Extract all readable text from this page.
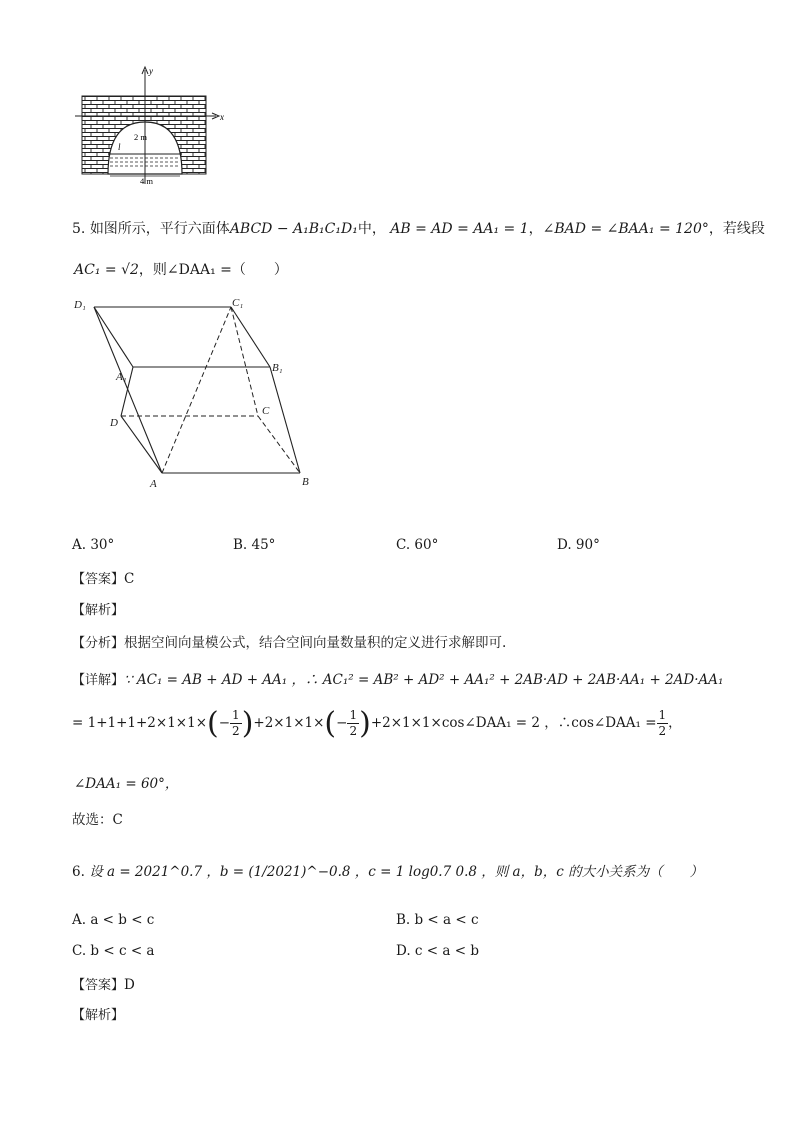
y
x
2 m
4 m
l
5. 如图所示，平行六面体ABCD − A₁B₁C₁D₁中， AB = AD = AA₁ = 1，∠BAD = ∠BAA₁ = 120°，若线段
AC₁ = √2，则∠DAA₁ =（　　）
D₁	C₁
A₁
B₁
D
C
A	B
A. 30°	B. 45°	C. 60°	D. 90°
【答案】C
【解析】
【分析】根据空间向量模公式，结合空间向量数量积的定义进行求解即可.
【详解】∵ AC₁ = AB + AD + AA₁ ，∴ AC₁² = AB² + AD² + AA₁² + 2AB·AD + 2AB·AA₁ + 2AD·AA₁
= $1+1+1+2\times 1\times 1\times(- \frac{1}{2} )+2\times 1\times 1\times(- \frac{1}{2}$ )+2×1×1×cos∠DAA₁ = 2 ，∴cos∠DAA₁ = $\frac{1}{2}$ ，
∠DAA₁ = 60°，
故选：C
6. 设 a = 2021^0.7 ，b = (1/2021)^−0.8 ，c = 1 log0.7 0.8 ，则 a，b，c 的大小关系为（　　）
A. a < b < c	B. b < a < c
C. b < c < a	D. c < a < b
【答案】D
【解析】
